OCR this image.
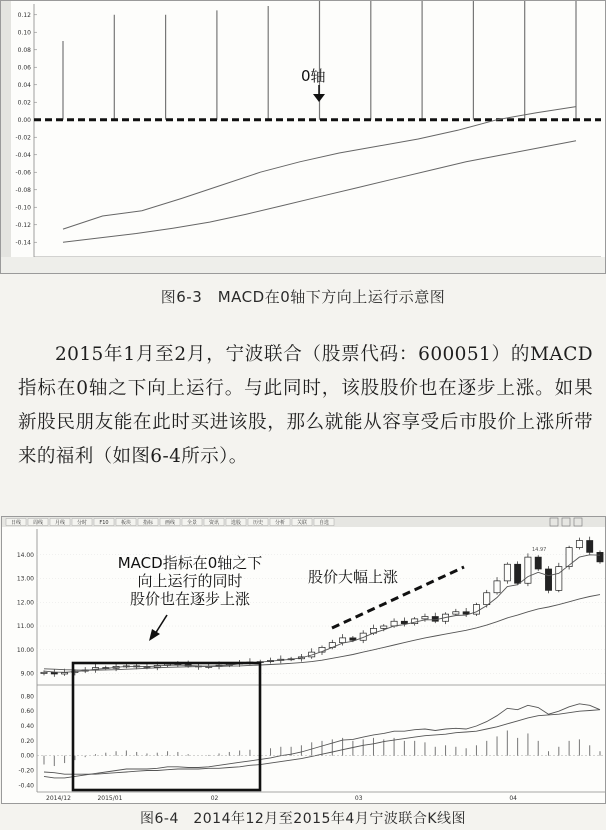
0.12
0.10
0.08
0.06
0.04
0.02
0.00
-0.02
-0.04
-0.06
-0.08
-0.10
-0.12
-0.14
0轴
图6-3　MACD在0轴下方向上运行示意图
2015年1月至2月，宁波联合（股票代码：600051）的MACD指标在0轴之下向上运行。与此同时，该股股价也在逐步上涨。如果新股民朋友能在此时买进该股，那么就能从容享受后市股价上涨所带来的福利（如图6-4所示）。
日线 周线 月线 分时 F10 板块 指标 画线 全景 资讯 选股 历史 分析 关联 自选
14.00
13.00
12.00
11.00
10.00
9.00
0.80
0.60
0.40
0.20
0.00
-0.20
-0.40
2014/12	2015/01	02	03	04
MACD指标在0轴之下
向上运行的同时
股价也在逐步上涨
股价大幅上涨
14.97
图6-4　2014年12月至2015年4月宁波联合K线图
